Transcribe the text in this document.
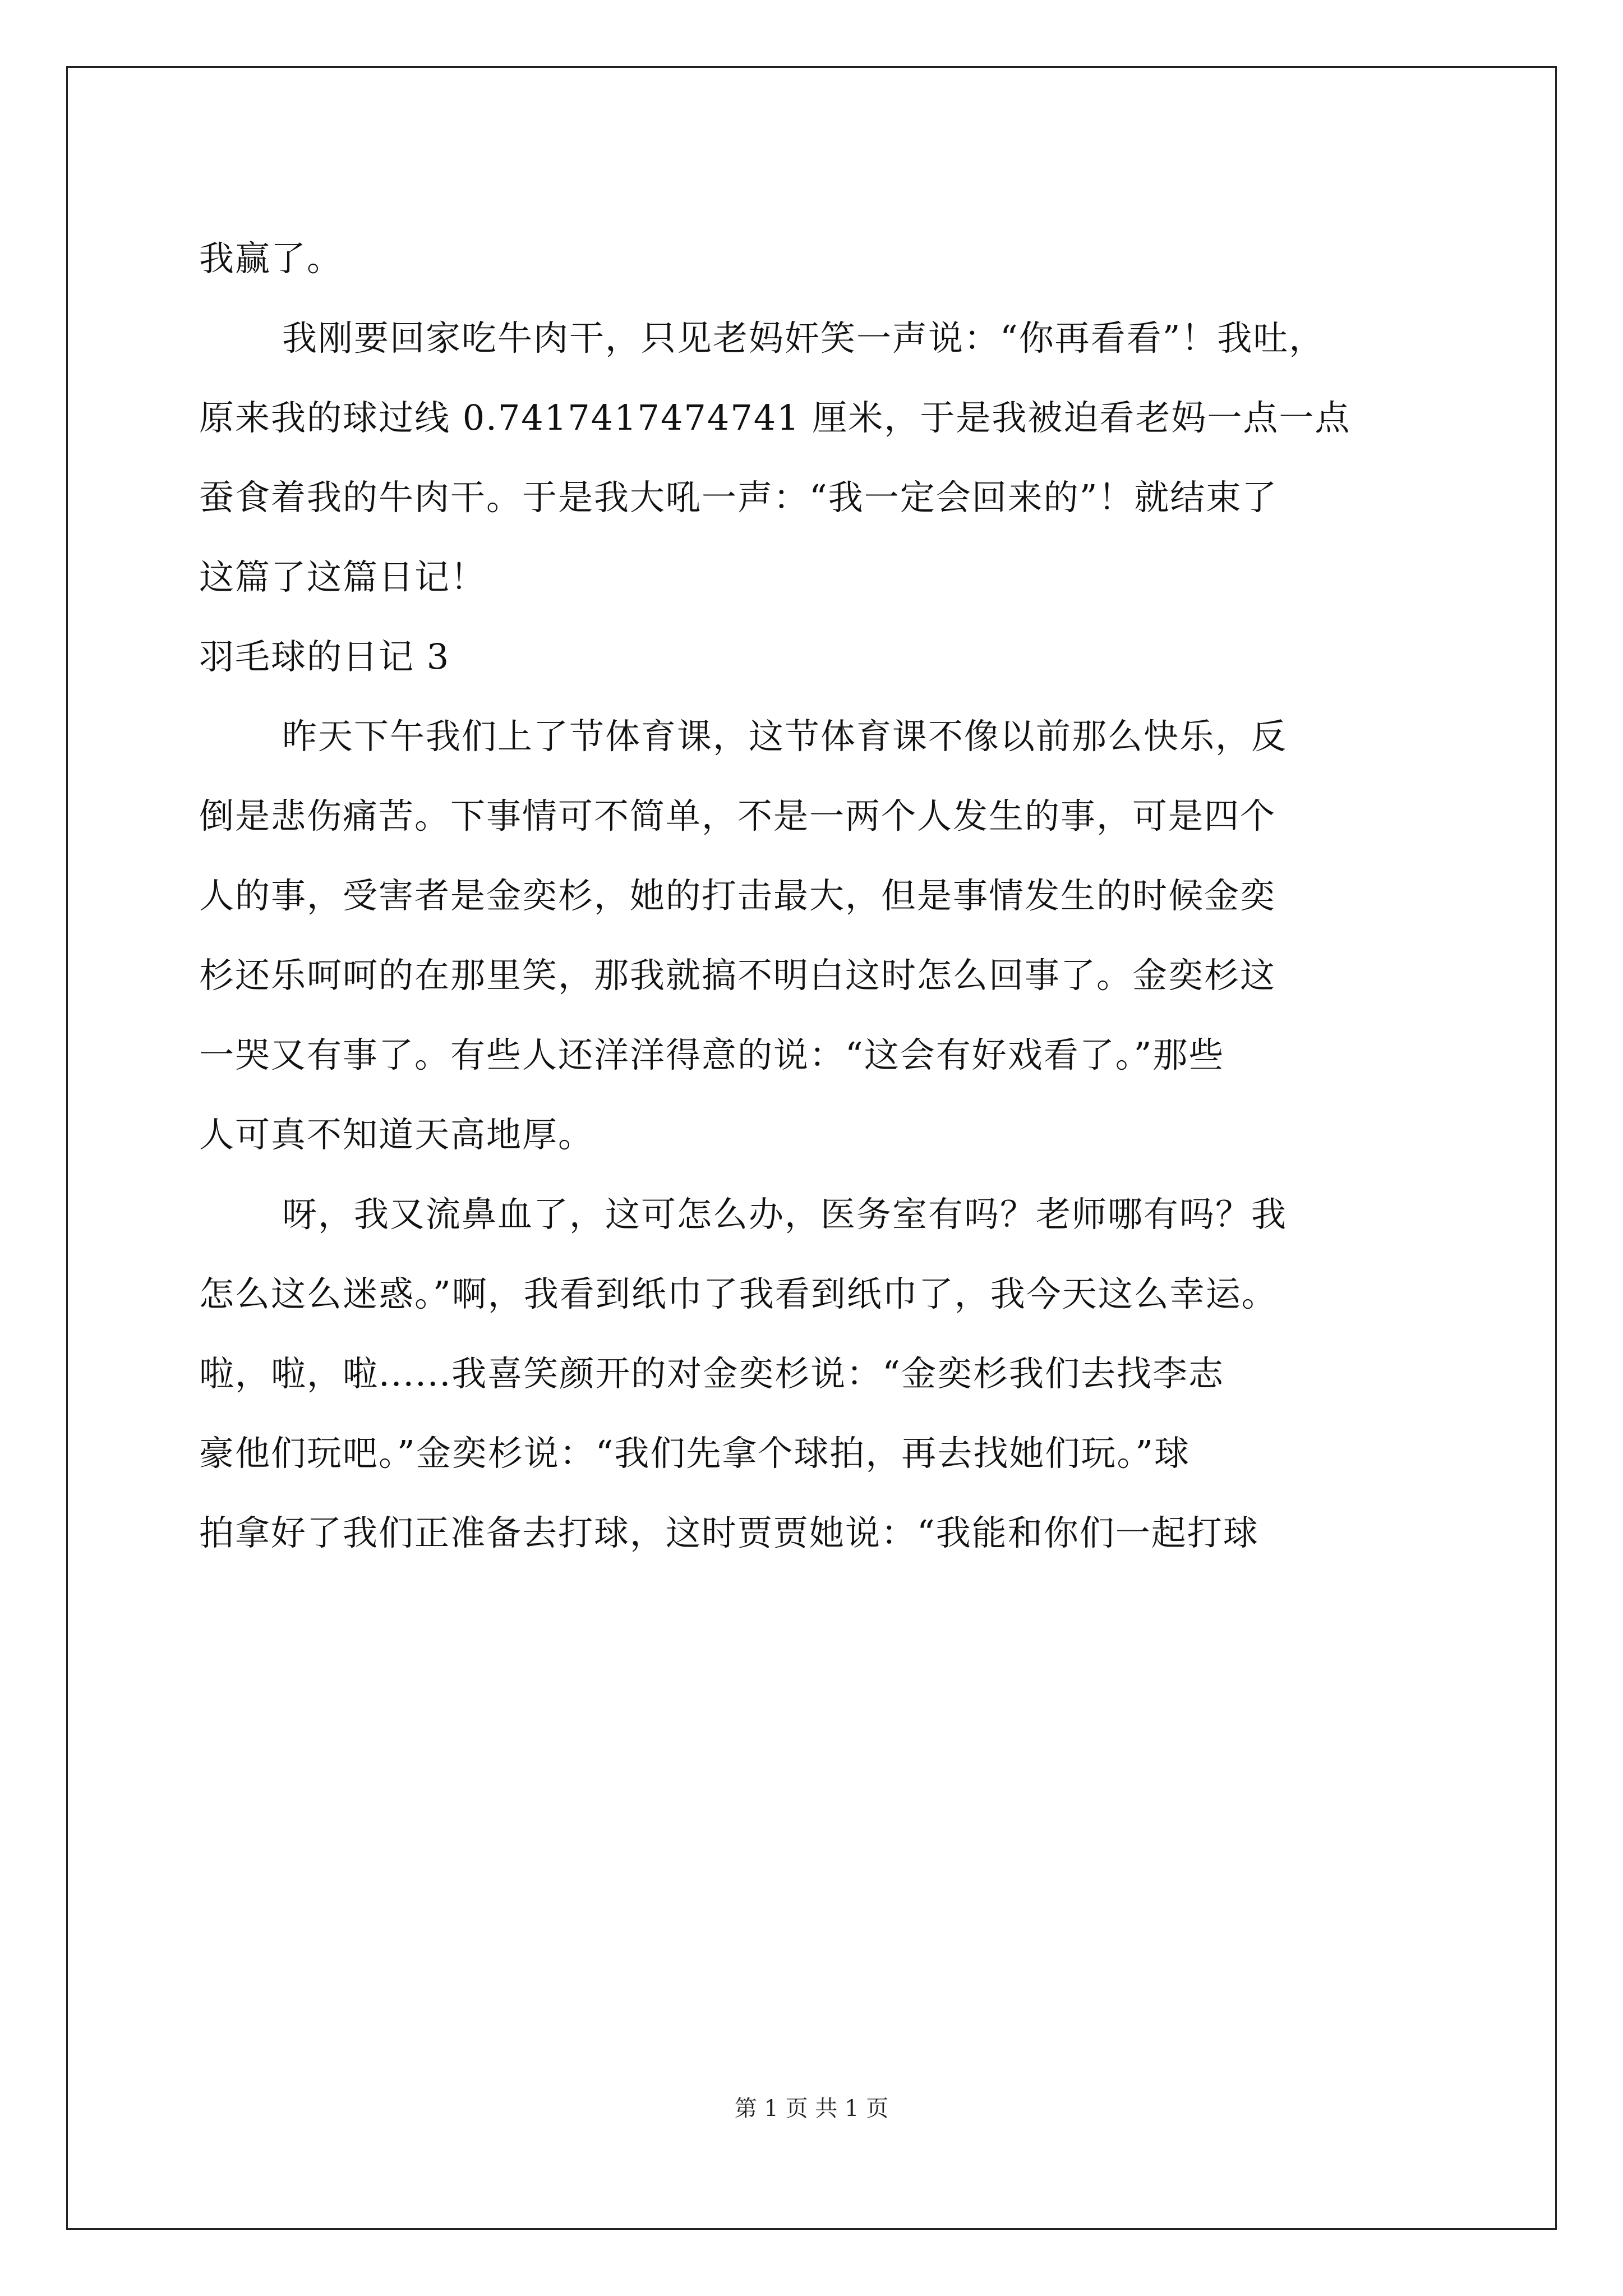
我赢了。
我刚要回家吃牛肉干，只见老妈奸笑一声说：“你再看看”！我吐，
原来我的球过线 0.7417417474741 厘米，于是我被迫看老妈一点一点
蚕食着我的牛肉干。于是我大吼一声：“我一定会回来的”！就结束了
这篇了这篇日记！
羽毛球的日记 3
昨天下午我们上了节体育课，这节体育课不像以前那么快乐，反
倒是悲伤痛苦。下事情可不简单，不是一两个人发生的事，可是四个
人的事，受害者是金奕杉，她的打击最大，但是事情发生的时候金奕
杉还乐呵呵的在那里笑，那我就搞不明白这时怎么回事了。金奕杉这
一哭又有事了。有些人还洋洋得意的说：“这会有好戏看了。”那些
人可真不知道天高地厚。
呀，我又流鼻血了，这可怎么办，医务室有吗？老师哪有吗？我
怎么这么迷惑。”啊，我看到纸巾了我看到纸巾了，我今天这么幸运。
啦，啦，啦......我喜笑颜开的对金奕杉说：“金奕杉我们去找李志
豪他们玩吧。”金奕杉说：“我们先拿个球拍，再去找她们玩。”球
拍拿好了我们正准备去打球，这时贾贾她说：“我能和你们一起打球
第 1 页 共 1 页
